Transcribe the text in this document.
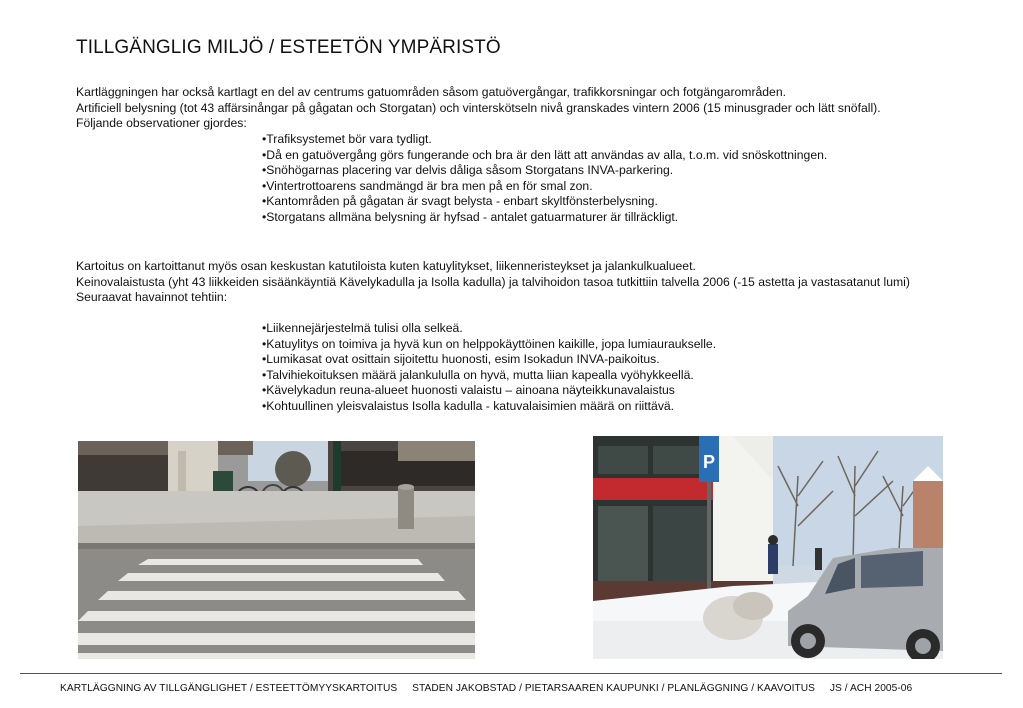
TILLGÄNGLIG MILJÖ / ESTEETÖN YMPÄRISTÖ
Kartläggningen har också kartlagt en del av centrums gatuområden såsom gatuövergångar, trafikkorsningar och fotgängarområden.
Artificiell belysning (tot 43 affärsinångar på gågatan och Storgatan) och vinterskötseln nivå granskades vintern 2006 (15 minusgrader och lätt snöfall).
Följande observationer gjordes:
•Trafiksystemet bör vara tydligt.
•Då en gatuövergång görs fungerande och bra är den lätt att användas av alla, t.o.m. vid snöskottningen.
•Snöhögarnas placering var delvis dåliga såsom Storgatans INVA-parkering.
•Vintertrottoarens sandmängd är bra men på en för smal zon.
•Kantområden på gågatan är svagt belysta - enbart skyltfönsterbelysning.
•Storgatans allmäna belysning är hyfsad - antalet gatuarmaturer är tillräckligt.
Kartoitus on kartoittanut myös osan keskustan katutiloista kuten katuylitykset, liikenneristeykset ja jalankulkualueet.
Keinovalaistusta (yht 43 liikkeiden sisäänkäyntiä Kävelykadulla ja Isolla kadulla) ja talvihoidon tasoa tutkittiin talvella 2006 (-15 astetta ja vastasatanut lumi)
Seuraavat havainnot tehtiin:
•Liikennejärjestelmä tulisi olla selkeä.
•Katuylitys on toimiva ja hyvä kun on helppokäyttöinen kaikille, jopa lumiauraukselle.
•Lumikasat ovat osittain sijoitettu huonosti, esim Isokadun INVA-paikoitus.
•Talvihiekoituksen määrä jalankululla on hyvä, mutta liian kapealla vyöhykkeellä.
•Kävelykadun reuna-alueet huonosti valaistu – ainoana näyteikkunavalaistus
•Kohtuullinen yleisvalaistus Isolla kadulla - katuvalaisimien määrä on riittävä.
P
KARTLÄGGNING AV TILLGÄNGLIGHET / ESTEETTÖMYYSKARTOITUS STADEN JAKOBSTAD / PIETARSAAREN KAUPUNKI / PLANLÄGGNING / KAAVOITUS JS / ACH 2005-06
